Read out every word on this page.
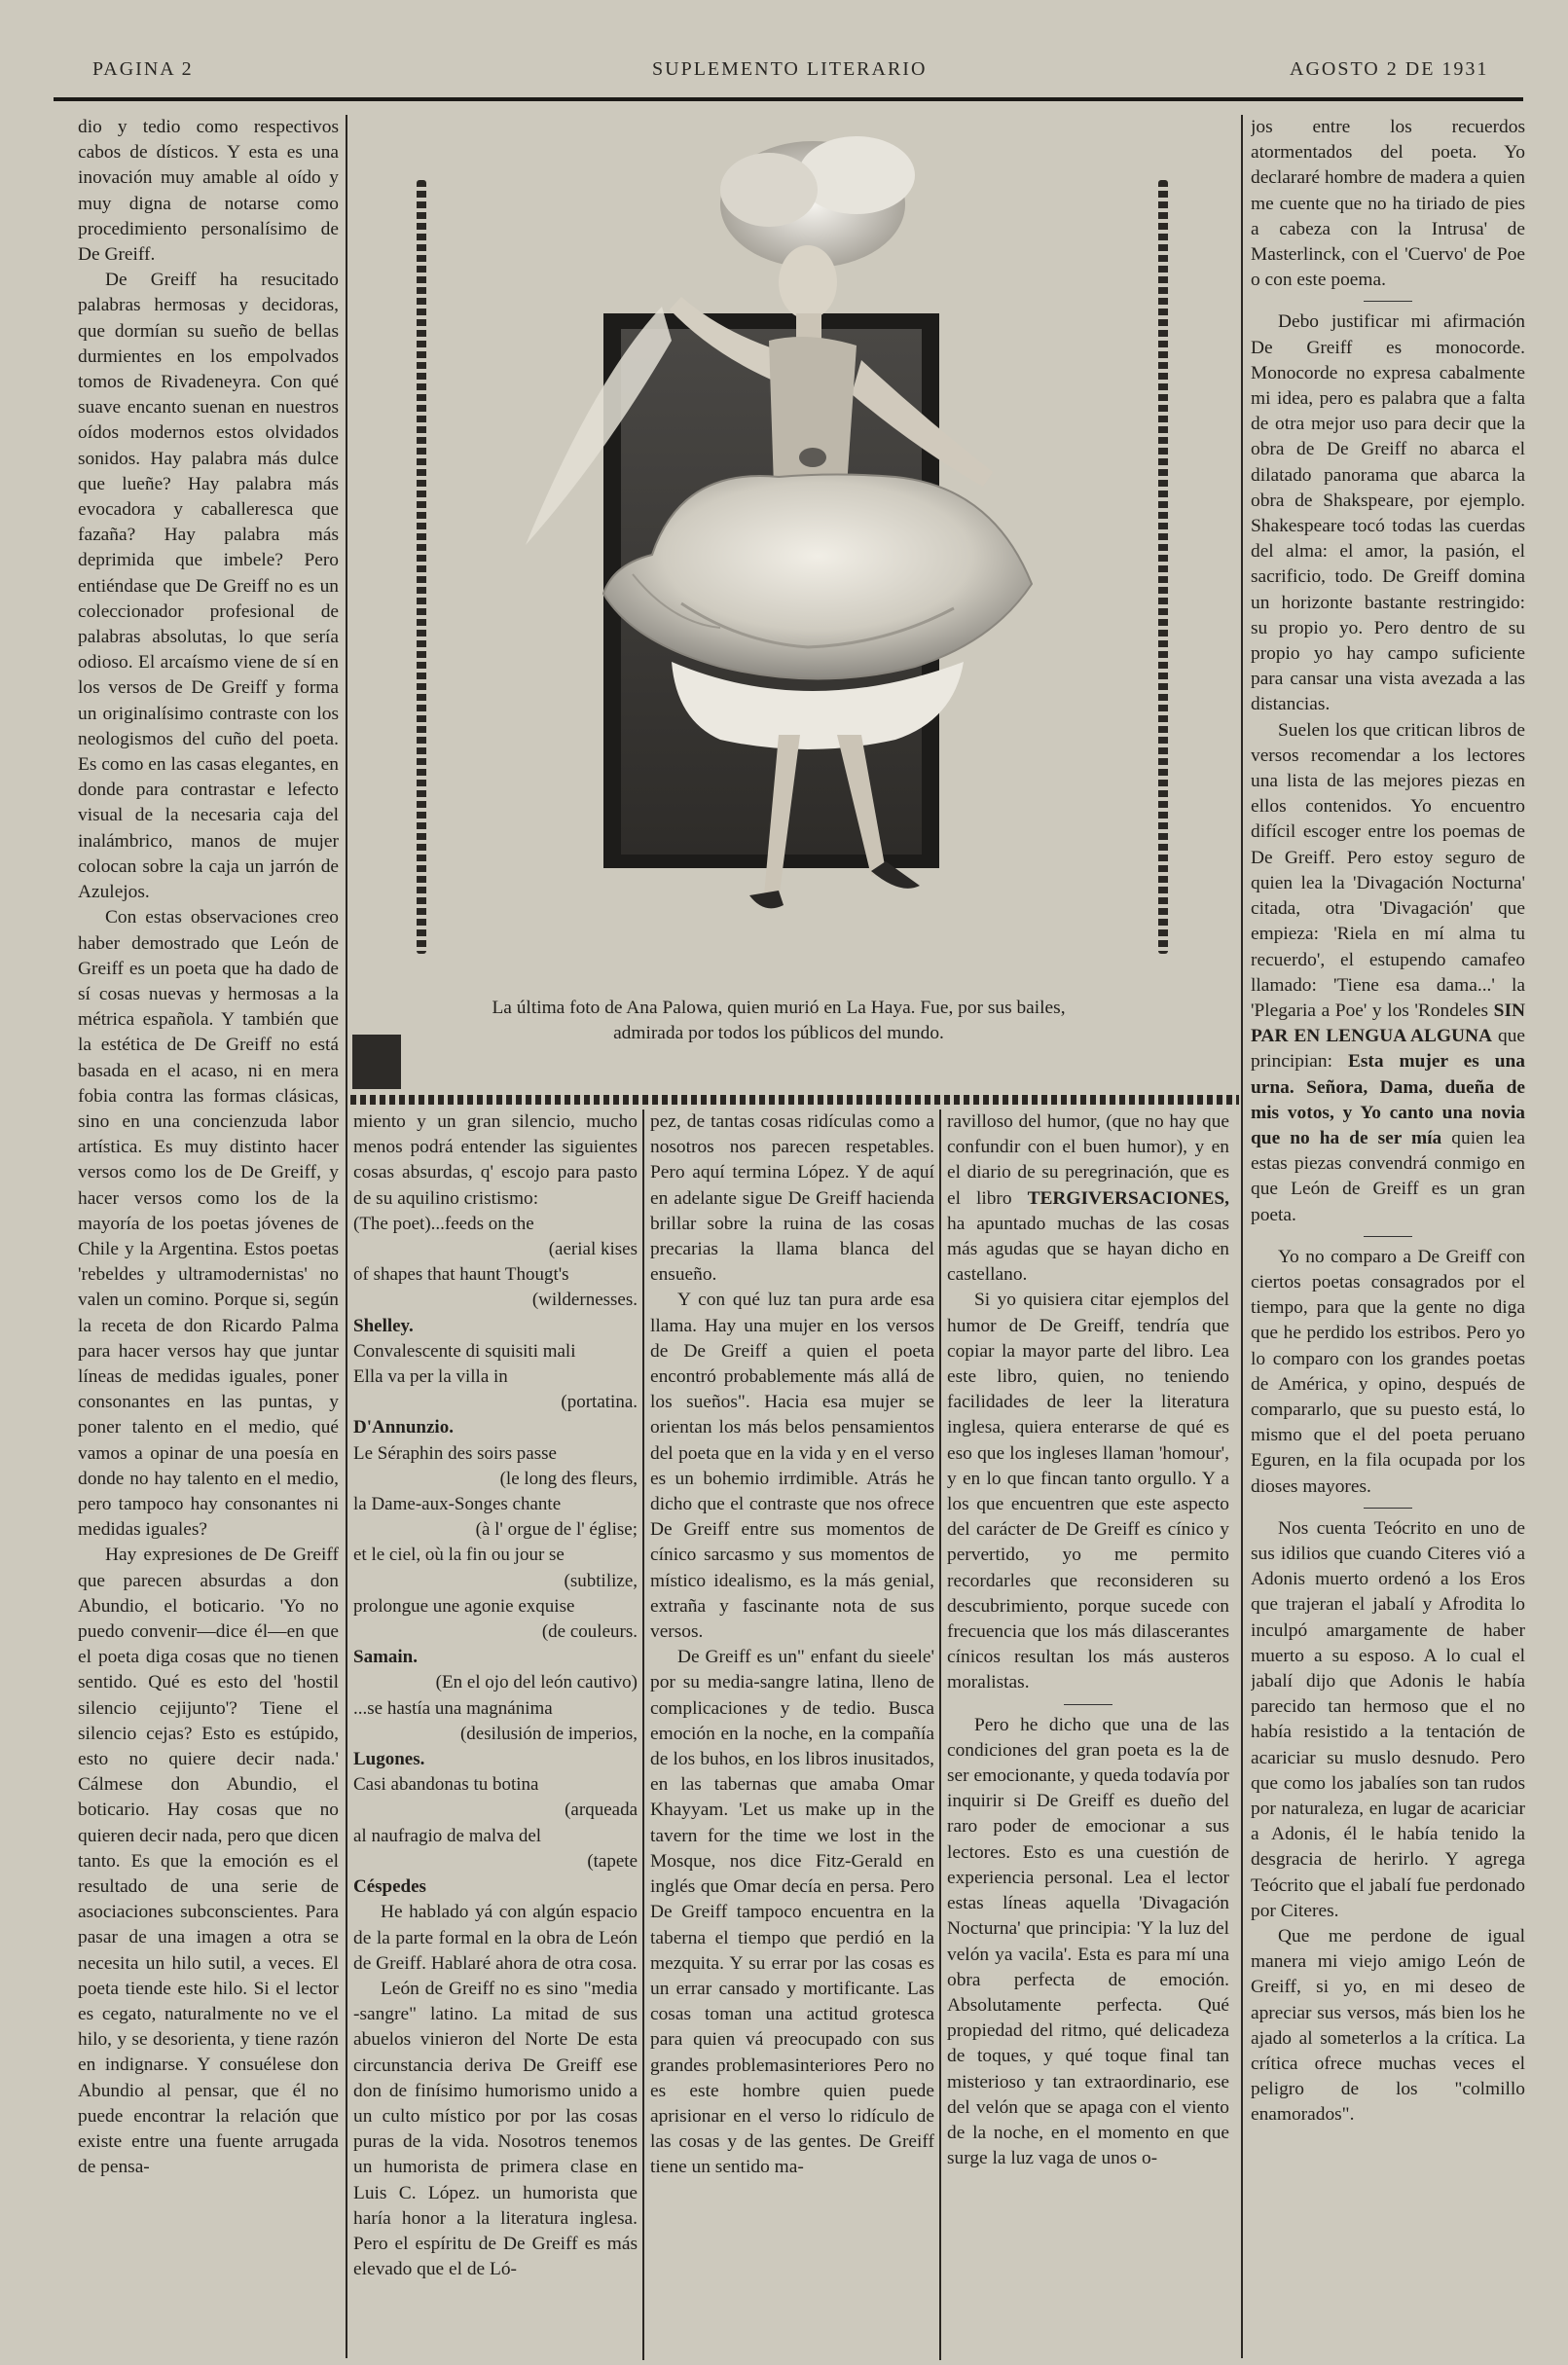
PAGINA 2	SUPLEMENTO LITERARIO	AGOSTO 2 DE 1931

dio y tedio como respectivos cabos de dísticos. Y esta es una inovación muy amable al oído y muy digna de notarse como procedimiento personalísimo de De Greiff.

De Greiff ha resucitado palabras hermosas y decidoras, que dormían su sueño de bellas durmientes en los empolvados tomos de Rivadeneyra. Con qué suave encanto suenan en nuestros oídos modernos estos olvidados sonidos. Hay palabra más dulce que lueñe? Hay palabra más evocadora y caballeresca que fazaña? Hay palabra más deprimida que imbele? Pero entiéndase que De Greiff no es un coleccionador profesional de palabras absolutas, lo que sería odioso. El arcaísmo viene de sí en los versos de De Greiff y forma un originalísimo contraste con los neologismos del cuño del poeta. Es como en las casas elegantes, en donde para contrastar e lefecto visual de la necesaria caja del inalámbrico, manos de mujer colocan sobre la caja un jarrón de Azulejos.

Con estas observaciones creo haber demostrado que León de Greiff es un poeta que ha dado de sí cosas nuevas y hermosas a la métrica española. Y también que la estética de De Greiff no está basada en el acaso, ni en mera fobia contra las formas clásicas, sino en una concienzuda labor artística. Es muy distinto hacer versos como los de De Greiff, y hacer versos como los de la mayoría de los poetas jóvenes de Chile y la Argentina. Estos poetas 'rebeldes y ultramodernistas' no valen un comino. Porque si, según la receta de don Ricardo Palma para hacer versos hay que juntar líneas de medidas iguales, poner consonantes en las puntas, y poner talento en el medio, qué vamos a opinar de una poesía en donde no hay talento en el medio, pero tampoco hay consonantes ni medidas iguales?

Hay expresiones de De Greiff que parecen absurdas a don Abundio, el boticario. 'Yo no puedo convenir—dice él—en que el poeta diga cosas que no tienen sentido. Qué es esto del 'hostil silencio cejijunto'? Tiene el silencio cejas? Esto es estúpido, esto no quiere decir nada.' Cálmese don Abundio, el boticario. Hay cosas que no quieren decir nada, pero que dicen tanto. Es que la emoción es el resultado de una serie de asociaciones subconscientes. Para pasar de una imagen a otra se necesita un hilo sutil, a veces. El poeta tiende este hilo. Si el lector es cegato, naturalmente no ve el hilo, y se desorienta, y tiene razón en indignarse. Y consuélese don Abundio al pensar, que él no puede encontrar la relación que existe entre una fuente arrugada de pensa-

La última foto de Ana Palowa, quien murió en La Haya. Fue, por sus bailes, admirada por todos los públicos del mundo.

miento y un gran silencio, mucho menos podrá entender las siguientes cosas absurdas, q' escojo para pasto de su aquilino cristismo:

(The poet)...feeds on the
(aerial kises
of shapes that haunt Thougt's
(wildernesses.
Shelley.
Convalescente di squisiti mali
Ella va per la villa in
(portatina.
D'Annunzio.
Le Séraphin des soirs passe
(le long des fleurs,
la Dame-aux-Songes chante
(à l' orgue de l' église;
et le ciel, où la fin ou jour se
(subtilize,
prolongue une agonie exquise
(de couleurs.
Samain.
(En el ojo del león cautivo)
...se hastía una magnánima
(desilusión de imperios,
Lugones.
Casi abandonas tu botina
(arqueada
al naufragio de malva del
(tapete
Céspedes

He hablado yá con algún espacio de la parte formal en la obra de León de Greiff. Hablaré ahora de otra cosa.

León de Greiff no es sino "media -sangre" latino. La mitad de sus abuelos vinieron del Norte De esta circunstancia deriva De Greiff ese don de finísimo humorismo unido a un culto místico por por las cosas puras de la vida. Nosotros tenemos un humorista de primera clase en Luis C. López. un humorista que haría honor a la literatura inglesa. Pero el espíritu de De Greiff es más elevado que el de Ló-

pez, de tantas cosas ridículas como a nosotros nos parecen respetables. Pero aquí termina López. Y de aquí en adelante sigue De Greiff hacienda brillar sobre la ruina de las cosas precarias la llama blanca del ensueño.

Y con qué luz tan pura arde esa llama. Hay una mujer en los versos de De Greiff a quien el poeta encontró probablemente más allá de los sueños". Hacia esa mujer se orientan los más belos pensamientos del poeta que en la vida y en el verso es un bohemio irrdimible. Atrás he dicho que el contraste que nos ofrece De Greiff entre sus momentos de cínico sarcasmo y sus momentos de místico idealismo, es la más genial, extraña y fascinante nota de sus versos.

De Greiff es un" enfant du sieele' por su media-sangre latina, lleno de complicaciones y de tedio. Busca emoción en la noche, en la compañía de los buhos, en los libros inusitados, en las tabernas que amaba Omar Khayyam. 'Let us make up in the tavern for the time we lost in the Mosque, nos dice Fitz-Gerald en inglés que Omar decía en persa. Pero De Greiff tampoco encuentra en la taberna el tiempo que perdió en la mezquita. Y su errar por las cosas es un errar cansado y mortificante. Las cosas toman una actitud grotesca para quien vá preocupado con sus grandes problemasinteriores Pero no es este hombre quien puede aprisionar en el verso lo ridículo de las cosas y de las gentes. De Greiff tiene un sentido ma-

ravilloso del humor, (que no hay que confundir con el buen humor), y en el diario de su peregrinación, que es el libro TERGIVERSACIONES, ha apuntado muchas de las cosas más agudas que se hayan dicho en castellano.

Si yo quisiera citar ejemplos del humor de De Greiff, tendría que copiar la mayor parte del libro. Lea este libro, quien, no teniendo facilidades de leer la literatura inglesa, quiera enterarse de qué es eso que los ingleses llaman 'homour', y en lo que fincan tanto orgullo. Y a los que encuentren que este aspecto del carácter de De Greiff es cínico y pervertido, yo me permito recordarles que reconsideren su descubrimiento, porque sucede con frecuencia que los más dilascerantes cínicos resultan los más austeros moralistas.

Pero he dicho que una de las condiciones del gran poeta es la de ser emocionante, y queda todavía por inquirir si De Greiff es dueño del raro poder de emocionar a sus lectores. Esto es una cuestión de experiencia personal. Lea el lector estas líneas aquella 'Divagación Nocturna' que principia: 'Y la luz del velón ya vacila'. Esta es para mí una obra perfecta de emoción. Absolutamente perfecta. Qué propiedad del ritmo, qué delicadeza de toques, y qué toque final tan misterioso y tan extraordinario, ese del velón que se apaga con el viento de la noche, en el momento en que surge la luz vaga de unos o-

jos entre los recuerdos atormentados del poeta. Yo declararé hombre de madera a quien me cuente que no ha tiriado de pies a cabeza con la Intrusa' de Masterlinck, con el 'Cuervo' de Poe o con este poema.

Debo justificar mi afirmación De Greiff es monocorde. Monocorde no expresa cabalmente mi idea, pero es palabra que a falta de otra mejor uso para decir que la obra de De Greiff no abarca el dilatado panorama que abarca la obra de Shakspeare, por ejemplo. Shakespeare tocó todas las cuerdas del alma: el amor, la pasión, el sacrificio, todo. De Greiff domina un horizonte bastante restringido: su propio yo. Pero dentro de su propio yo hay campo suficiente para cansar una vista avezada a las distancias.

Suelen los que critican libros de versos recomendar a los lectores una lista de las mejores piezas en ellos contenidos. Yo encuentro difícil escoger entre los poemas de De Greiff. Pero estoy seguro de quien lea la 'Divagación Nocturna' citada, otra 'Divagación' que empieza: 'Riela en mí alma tu recuerdo', el estupendo camafeo llamado: 'Tiene esa dama...' la 'Plegaria a Poe' y los 'Rondeles SIN PAR EN LENGUA ALGUNA que principian: Esta mujer es una urna. Señora, Dama, dueña de mis votos, y Yo canto una novia que no ha de ser mía quien lea estas piezas convendrá conmigo en que León de Greiff es un gran poeta.

Yo no comparo a De Greiff con ciertos poetas consagrados por el tiempo, para que la gente no diga que he perdido los estribos. Pero yo lo comparo con los grandes poetas de América, y opino, después de compararlo, que su puesto está, lo mismo que el del poeta peruano Eguren, en la fila ocupada por los dioses mayores.

Nos cuenta Teócrito en uno de sus idilios que cuando Citeres vió a Adonis muerto ordenó a los Eros que trajeran el jabalí y Afrodita lo inculpó amargamente de haber muerto a su esposo. A lo cual el jabalí dijo que Adonis le había parecido tan hermoso que el no había resistido a la tentación de acariciar su muslo desnudo. Pero que como los jabalíes son tan rudos por naturaleza, en lugar de acariciar a Adonis, él le había tenido la desgracia de herirlo. Y agrega Teócrito que el jabalí fue perdonado por Citeres.

Que me perdone de igual manera mi viejo amigo León de Greiff, si yo, en mi deseo de apreciar sus versos, más bien los he ajado al someterlos a la crítica. La crítica ofrece muchas veces el peligro de los "colmillo enamorados".
